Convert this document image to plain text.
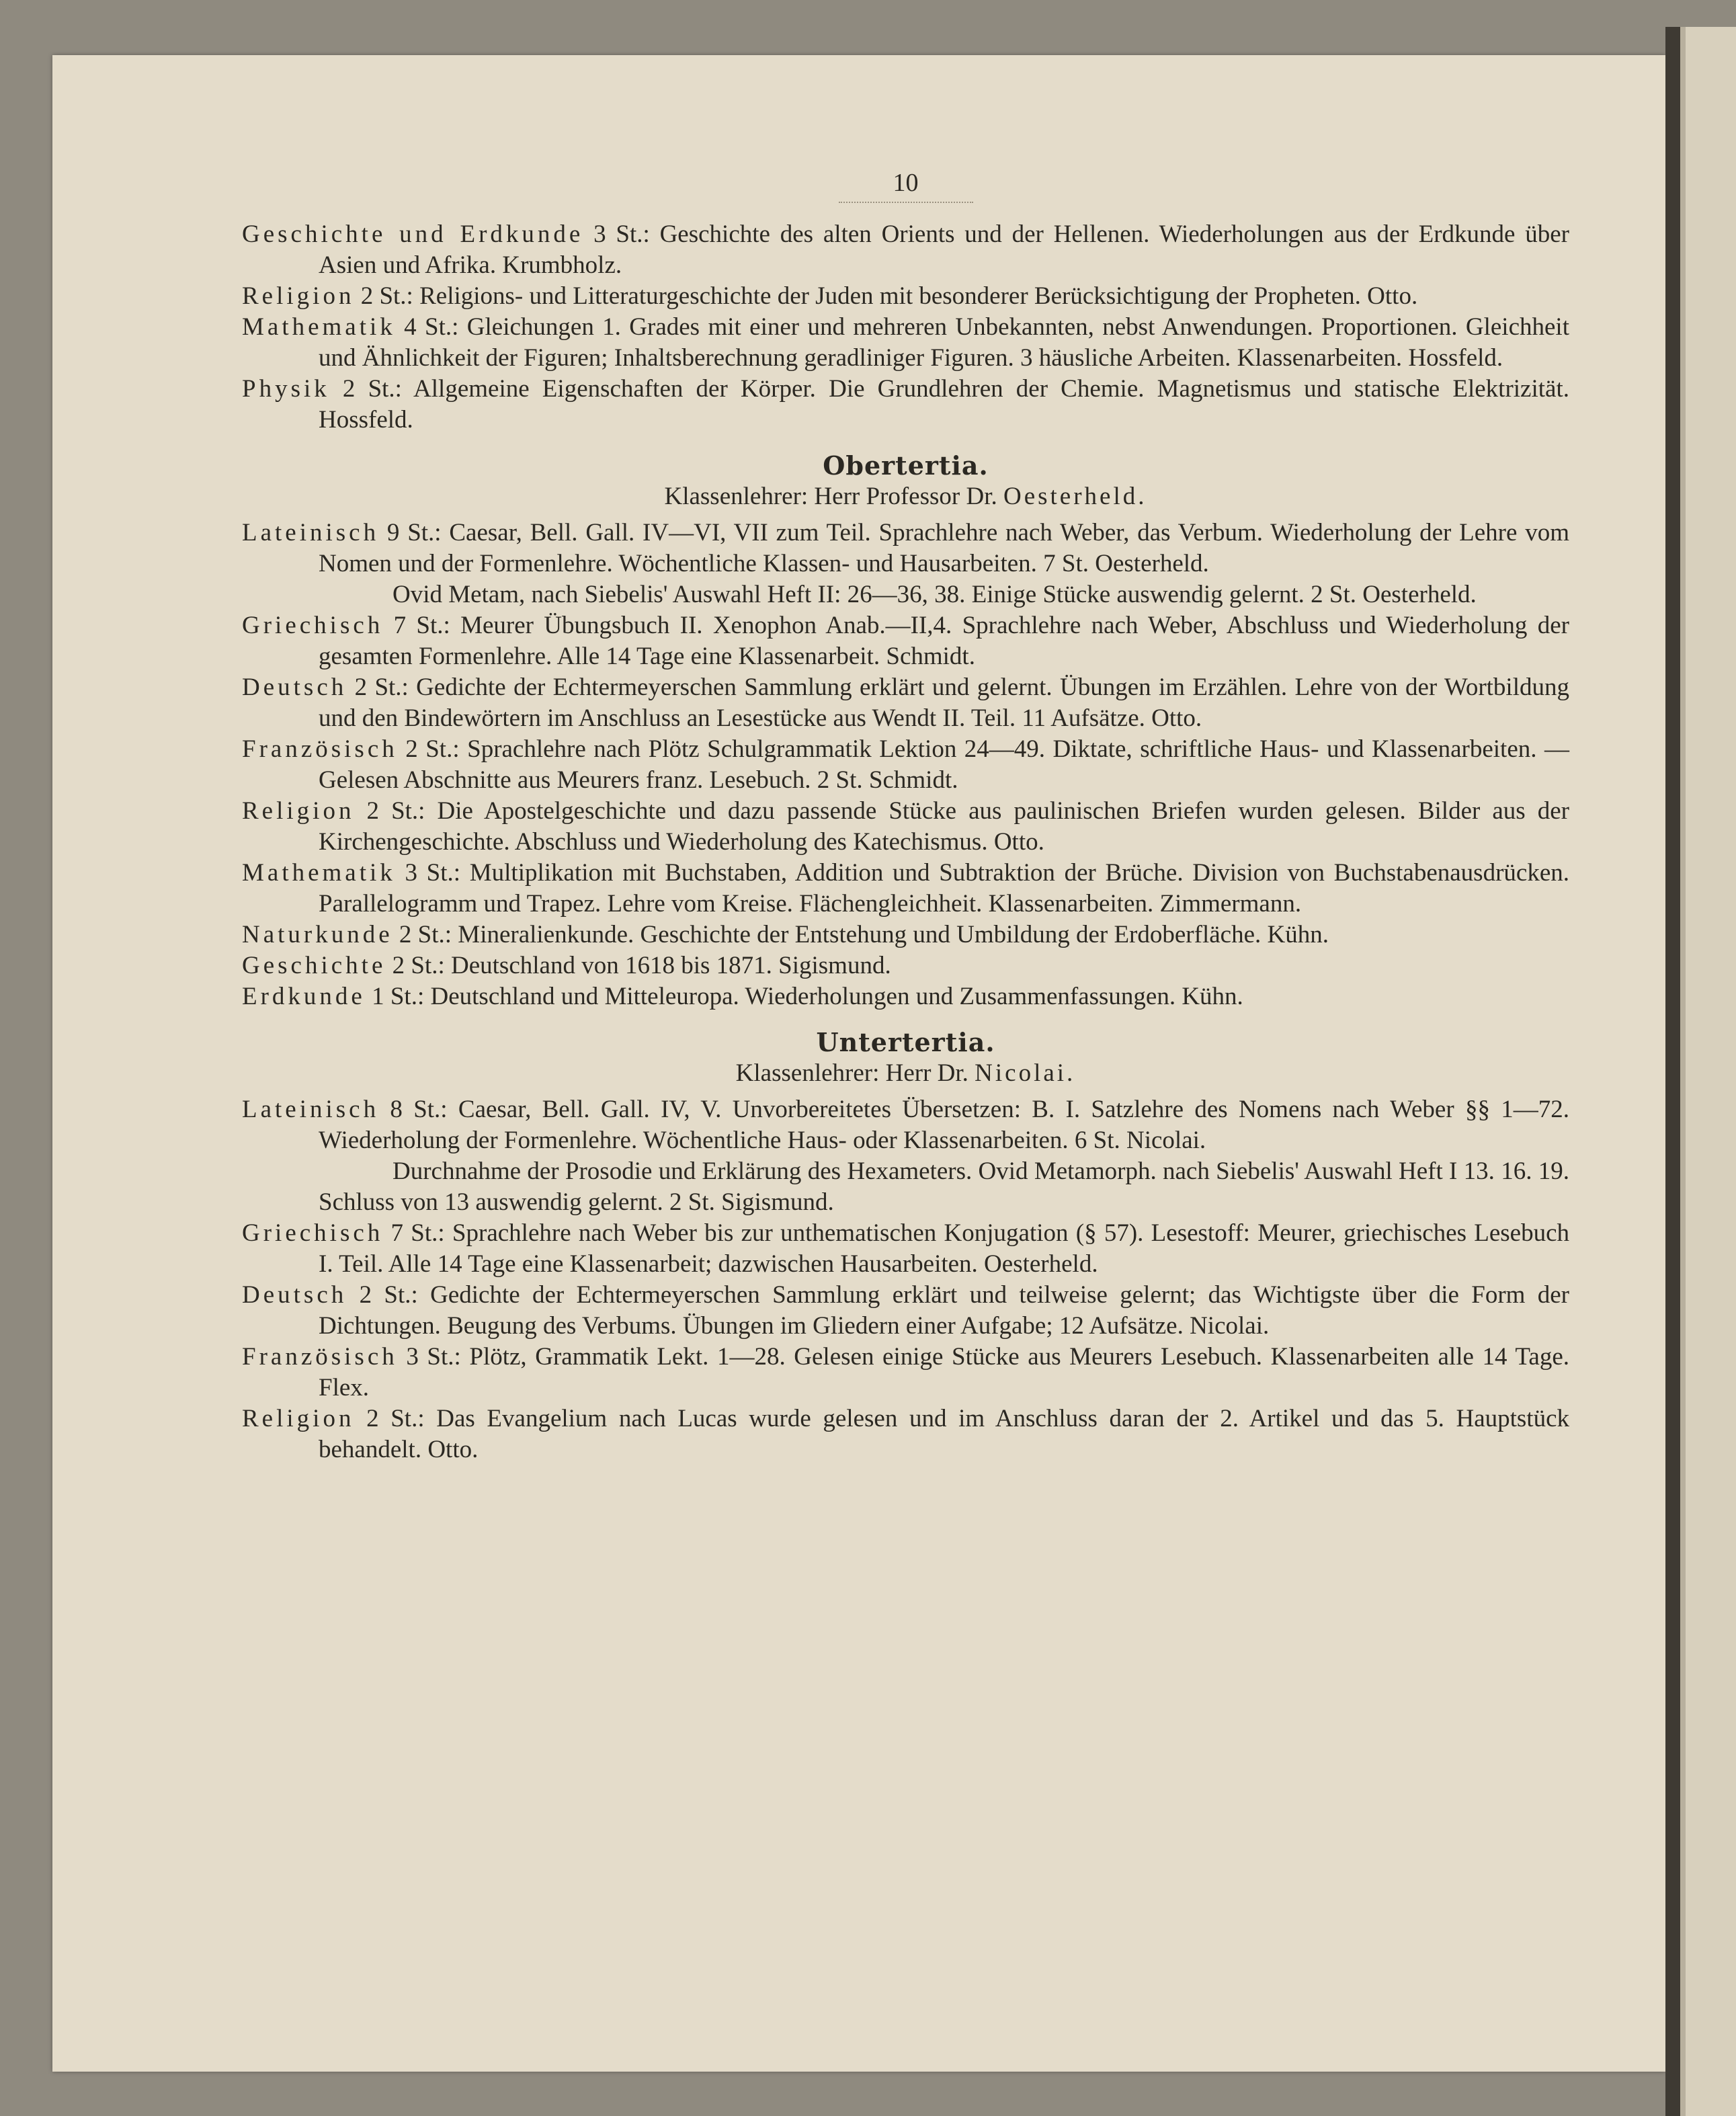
10

Geschichte und Erdkunde 3 St.: Geschichte des alten Orients und der Hellenen. Wiederholungen aus der Erdkunde über Asien und Afrika. Krumbholz.

Religion 2 St.: Religions- und Litteraturgeschichte der Juden mit besonderer Berücksichtigung der Propheten. Otto.

Mathematik 4 St.: Gleichungen 1. Grades mit einer und mehreren Unbekannten, nebst Anwendungen. Proportionen. Gleichheit und Ähnlichkeit der Figuren; Inhaltsberechnung geradliniger Figuren. 3 häusliche Arbeiten. Klassenarbeiten. Hossfeld.

Physik 2 St.: Allgemeine Eigenschaften der Körper. Die Grundlehren der Chemie. Magnetismus und statische Elektrizität. Hossfeld.

Obertertia.
Klassenlehrer: Herr Professor Dr. Oesterheld.

Lateinisch 9 St.: Caesar, Bell. Gall. IV—VI, VII zum Teil. Sprachlehre nach Weber, das Verbum. Wiederholung der Lehre vom Nomen und der Formenlehre. Wöchentliche Klassen- und Hausarbeiten. 7 St. Oesterheld.

Ovid Metam, nach Siebelis' Auswahl Heft II: 26—36, 38. Einige Stücke auswendig gelernt. 2 St. Oesterheld.

Griechisch 7 St.: Meurer Übungsbuch II. Xenophon Anab.—II,4. Sprachlehre nach Weber, Abschluss und Wiederholung der gesamten Formenlehre. Alle 14 Tage eine Klassenarbeit. Schmidt.

Deutsch 2 St.: Gedichte der Echtermeyerschen Sammlung erklärt und gelernt. Übungen im Erzählen. Lehre von der Wortbildung und den Bindewörtern im Anschluss an Lesestücke aus Wendt II. Teil. 11 Aufsätze. Otto.

Französisch 2 St.: Sprachlehre nach Plötz Schulgrammatik Lektion 24—49. Diktate, schriftliche Haus- und Klassenarbeiten. — Gelesen Abschnitte aus Meurers franz. Lesebuch. 2 St. Schmidt.

Religion 2 St.: Die Apostelgeschichte und dazu passende Stücke aus paulinischen Briefen wurden gelesen. Bilder aus der Kirchengeschichte. Abschluss und Wiederholung des Katechismus. Otto.

Mathematik 3 St.: Multiplikation mit Buchstaben, Addition und Subtraktion der Brüche. Division von Buchstabenausdrücken. Parallelogramm und Trapez. Lehre vom Kreise. Flächengleichheit. Klassenarbeiten. Zimmermann.

Naturkunde 2 St.: Mineralienkunde. Geschichte der Entstehung und Umbildung der Erdoberfläche. Kühn.

Geschichte 2 St.: Deutschland von 1618 bis 1871. Sigismund.

Erdkunde 1 St.: Deutschland und Mitteleuropa. Wiederholungen und Zusammenfassungen. Kühn.

Untertertia.
Klassenlehrer: Herr Dr. Nicolai.

Lateinisch 8 St.: Caesar, Bell. Gall. IV, V. Unvorbereitetes Übersetzen: B. I. Satzlehre des Nomens nach Weber §§ 1—72. Wiederholung der Formenlehre. Wöchentliche Haus- oder Klassenarbeiten. 6 St. Nicolai.

Durchnahme der Prosodie und Erklärung des Hexameters. Ovid Metamorph. nach Siebelis' Auswahl Heft I 13. 16. 19. Schluss von 13 auswendig gelernt. 2 St. Sigismund.

Griechisch 7 St.: Sprachlehre nach Weber bis zur unthematischen Konjugation (§ 57). Lesestoff: Meurer, griechisches Lesebuch I. Teil. Alle 14 Tage eine Klassenarbeit; dazwischen Hausarbeiten. Oesterheld.

Deutsch 2 St.: Gedichte der Echtermeyerschen Sammlung erklärt und teilweise gelernt; das Wichtigste über die Form der Dichtungen. Beugung des Verbums. Übungen im Gliedern einer Aufgabe; 12 Aufsätze. Nicolai.

Französisch 3 St.: Plötz, Grammatik Lekt. 1—28. Gelesen einige Stücke aus Meurers Lesebuch. Klassenarbeiten alle 14 Tage. Flex.

Religion 2 St.: Das Evangelium nach Lucas wurde gelesen und im Anschluss daran der 2. Artikel und das 5. Hauptstück behandelt. Otto.
